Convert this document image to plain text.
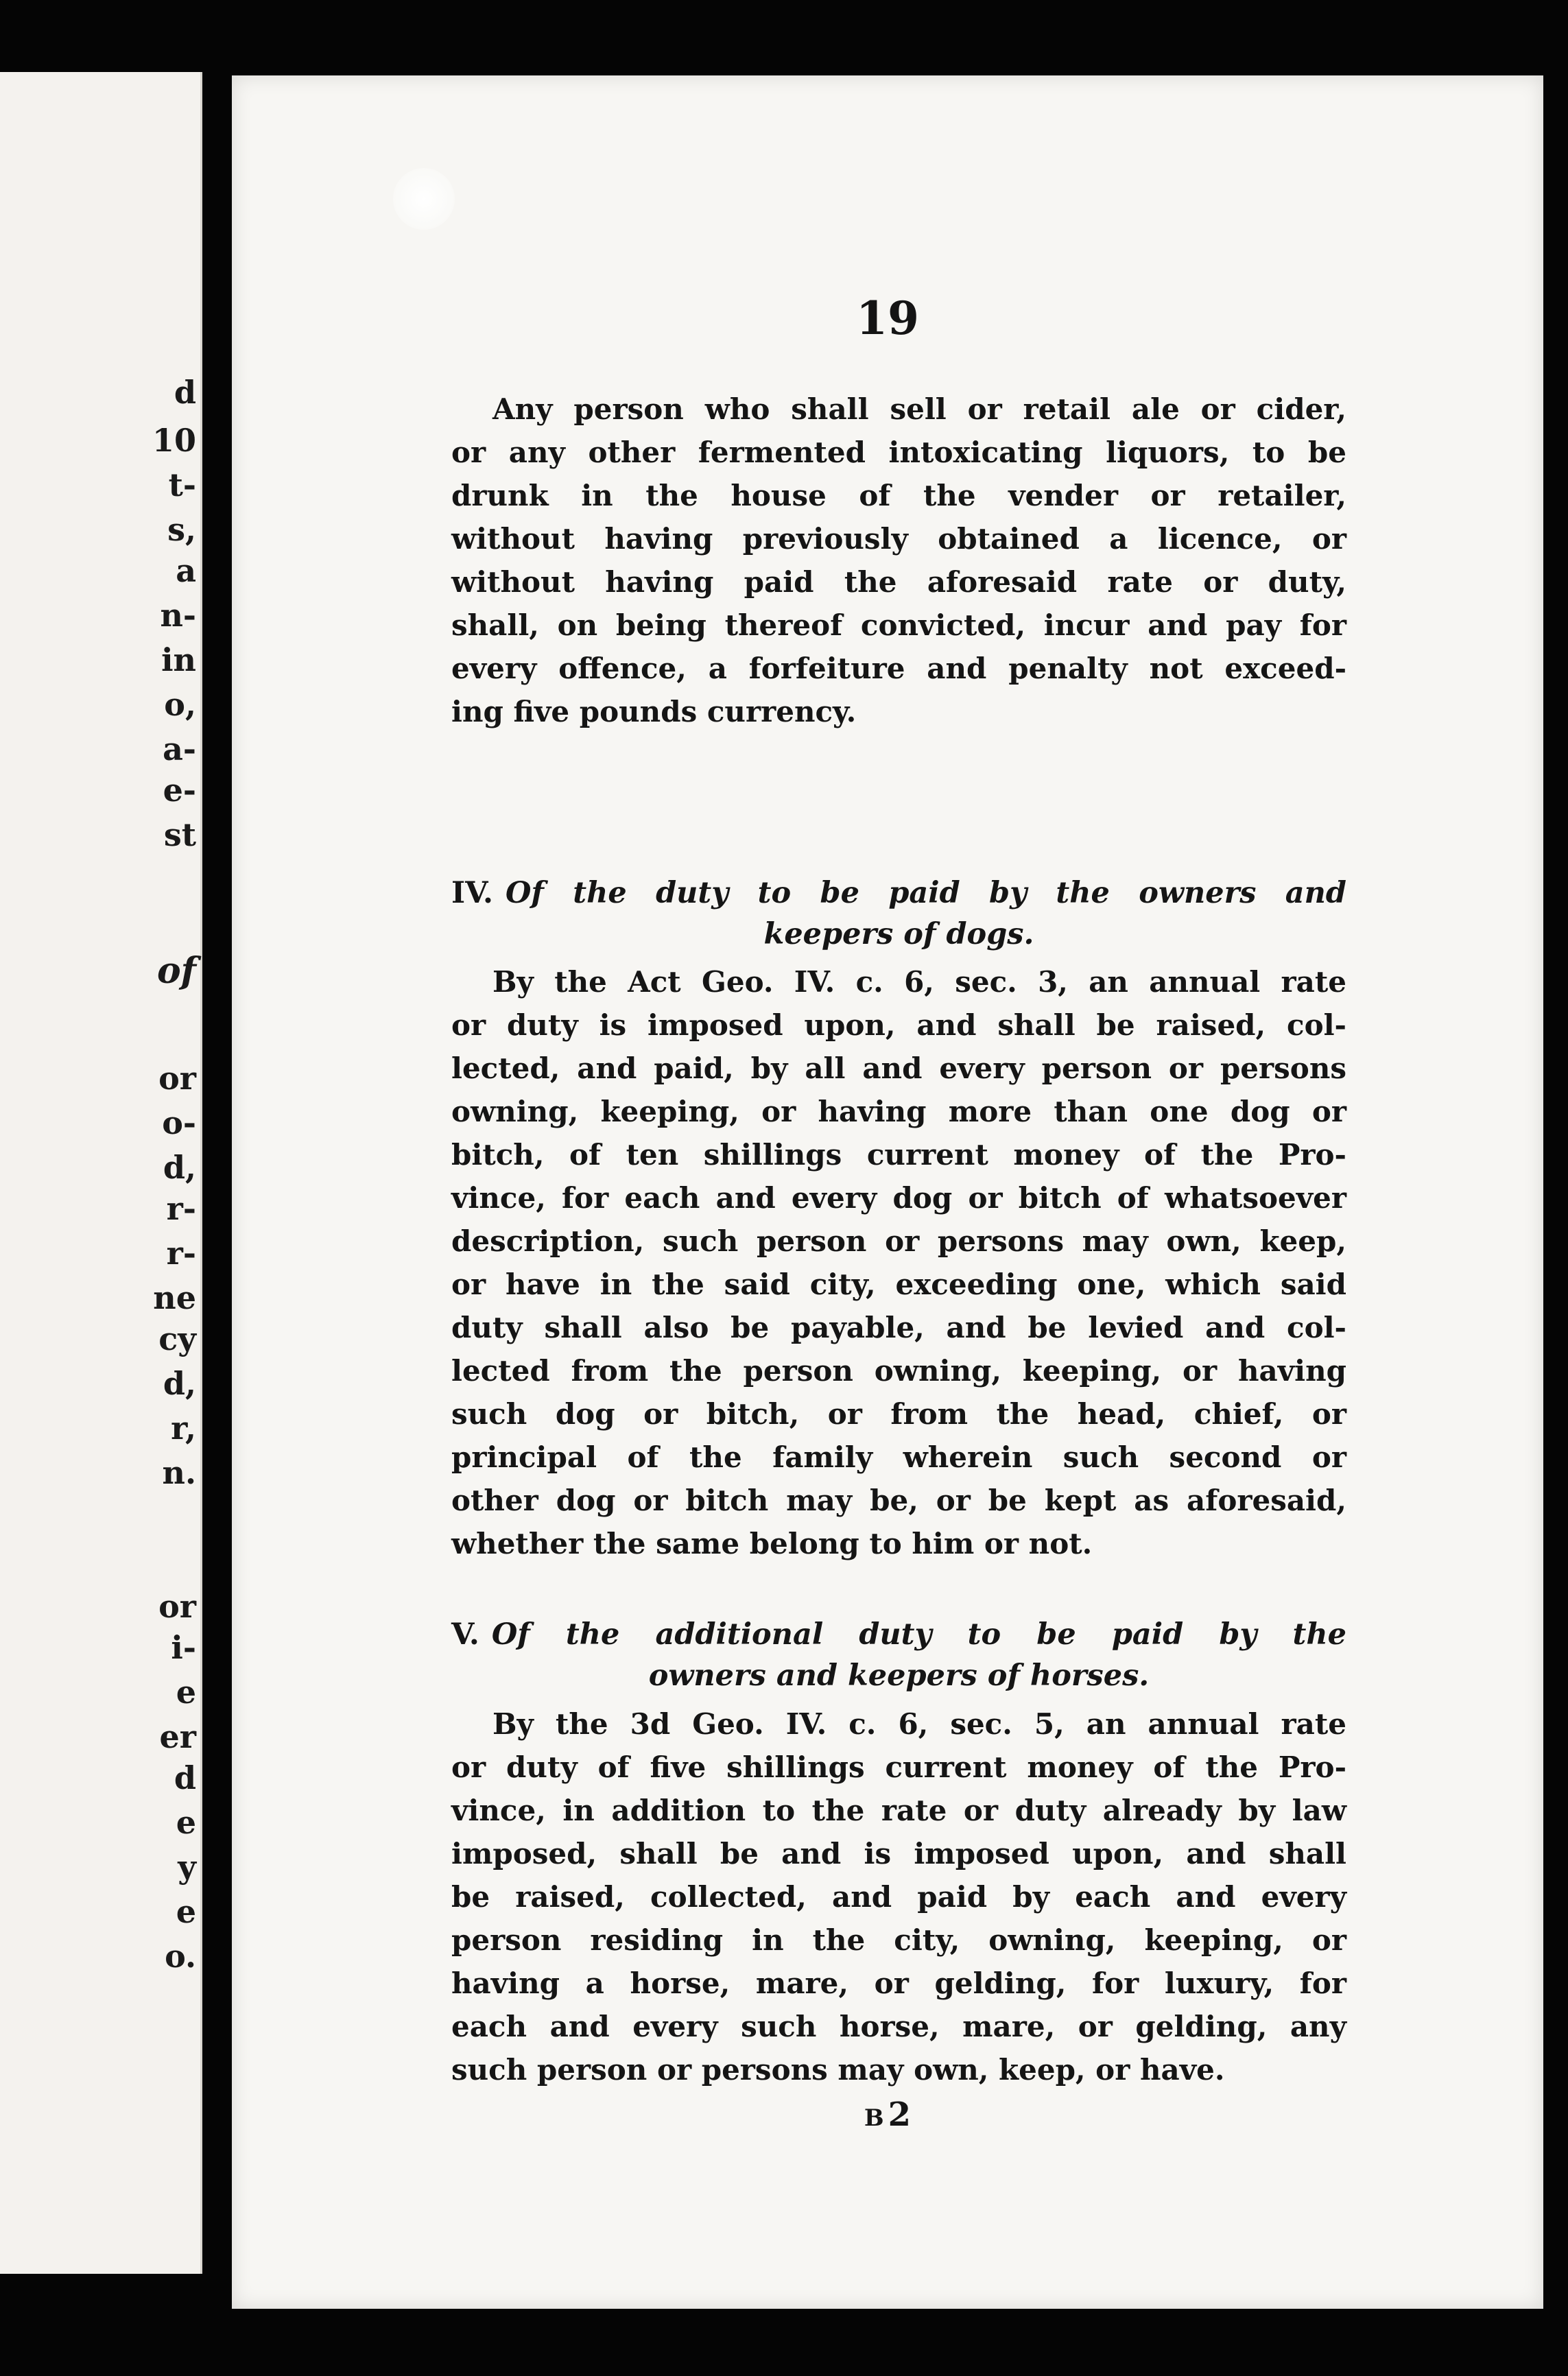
d
10
t-
s,
a
n-
in
o,
a-
e-
st
of
or
o-
d,
r-
r-
ne
cy
d,
r,
n.
or
i-
e
er
d
e
y
e
o.
19

Any person who shall sell or retail ale or cider,
or any other fermented intoxicating liquors, to be
drunk in the house of the vender or retailer,
without having previously obtained a licence, or
without having paid the aforesaid rate or duty,
shall, on being thereof convicted, incur and pay for
every offence, a forfeiture and penalty not exceed-
ing five pounds currency.

IV. Of the duty to be paid by the owners and
keepers of dogs.

By the Act Geo. IV. c. 6, sec. 3, an annual rate
or duty is imposed upon, and shall be raised, col-
lected, and paid, by all and every person or persons
owning, keeping, or having more than one dog or
bitch, of ten shillings current money of the Pro-
vince, for each and every dog or bitch of whatsoever
description, such person or persons may own, keep,
or have in the said city, exceeding one, which said
duty shall also be payable, and be levied and col-
lected from the person owning, keeping, or having
such dog or bitch, or from the head, chief, or
principal of the family wherein such second or
other dog or bitch may be, or be kept as aforesaid,
whether the same belong to him or not.

V. Of the additional duty to be paid by the
owners and keepers of horses.

By the 3d Geo. IV. c. 6, sec. 5, an annual rate
or duty of five shillings current money of the Pro-
vince, in addition to the rate or duty already by law
imposed, shall be and is imposed upon, and shall
be raised, collected, and paid by each and every
person residing in the city, owning, keeping, or
having a horse, mare, or gelding, for luxury, for
each and every such horse, mare, or gelding, any
such person or persons may own, keep, or have.

B 2
